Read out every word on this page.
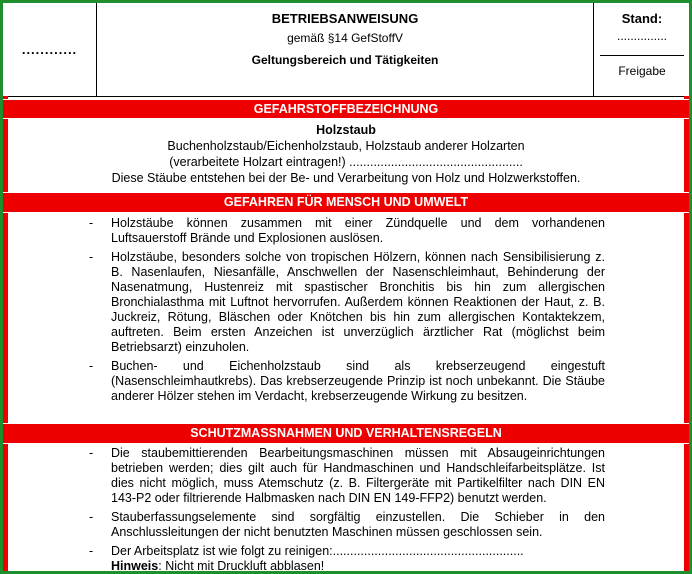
............
BETRIEBSANWEISUNG
gemäß §14 GefStoffV
Geltungsbereich und Tätigkeiten
Stand:
...............
Freigabe
GEFAHRSTOFFBEZEICHNUNG
Holzstaub
Buchenholzstaub/Eichenholzstaub, Holzstaub anderer Holzarten
(verarbeitete Holzart eintragen!) ..................................................
Diese Stäube entstehen bei der Be- und Verarbeitung von Holz und Holzwerkstoffen.
GEFAHREN FÜR MENSCH UND UMWELT
- Holzstäube können zusammen mit einer Zündquelle und dem vorhandenen Luftsauerstoff Brände und Explosionen auslösen.

- Holzstäube, besonders solche von tropischen Hölzern, können nach Sensibilisierung z. B. Nasenlaufen, Niesanfälle, Anschwellen der Nasenschleimhaut, Behinderung der Nasenatmung, Hustenreiz mit spastischer Bronchitis bis hin zum allergischen Bronchialasthma mit Luftnot hervorrufen. Außerdem können Reaktionen der Haut, z. B. Juckreiz, Rötung, Bläschen oder Knötchen bis hin zum allergischen Kontaktekzem, auftreten. Beim ersten Anzeichen ist unverzüglich ärztlicher Rat (möglichst beim Betriebsarzt) einzuholen.

- Buchen- und Eichenholzstaub sind als krebserzeugend eingestuft (Nasenschleimhautkrebs). Das krebserzeugende Prinzip ist noch unbekannt. Die Stäube anderer Hölzer stehen im Verdacht, krebserzeugende Wirkung zu besitzen.

SCHUTZMASSNAHMEN UND VERHALTENSREGELN
- Die staubemittierenden Bearbeitungsmaschinen müssen mit Absaugeinrichtungen betrieben werden; dies gilt auch für Handmaschinen und Handschleifarbeitsplätze. Ist dies nicht möglich, muss Atemschutz (z. B. Filtergeräte mit Partikelfilter nach DIN EN 143-P2 oder filtrierende Halbmasken nach DIN EN 149-FFP2) benutzt werden.

- Stauberfassungselemente sind sorgfältig einzustellen. Die Schieber in den Anschlussleitungen der nicht benutzten Maschinen müssen geschlossen sein.

- Der Arbeitsplatz ist wie folgt zu reinigen:.......................................................
Hinweis: Nicht mit Druckluft abblasen!
